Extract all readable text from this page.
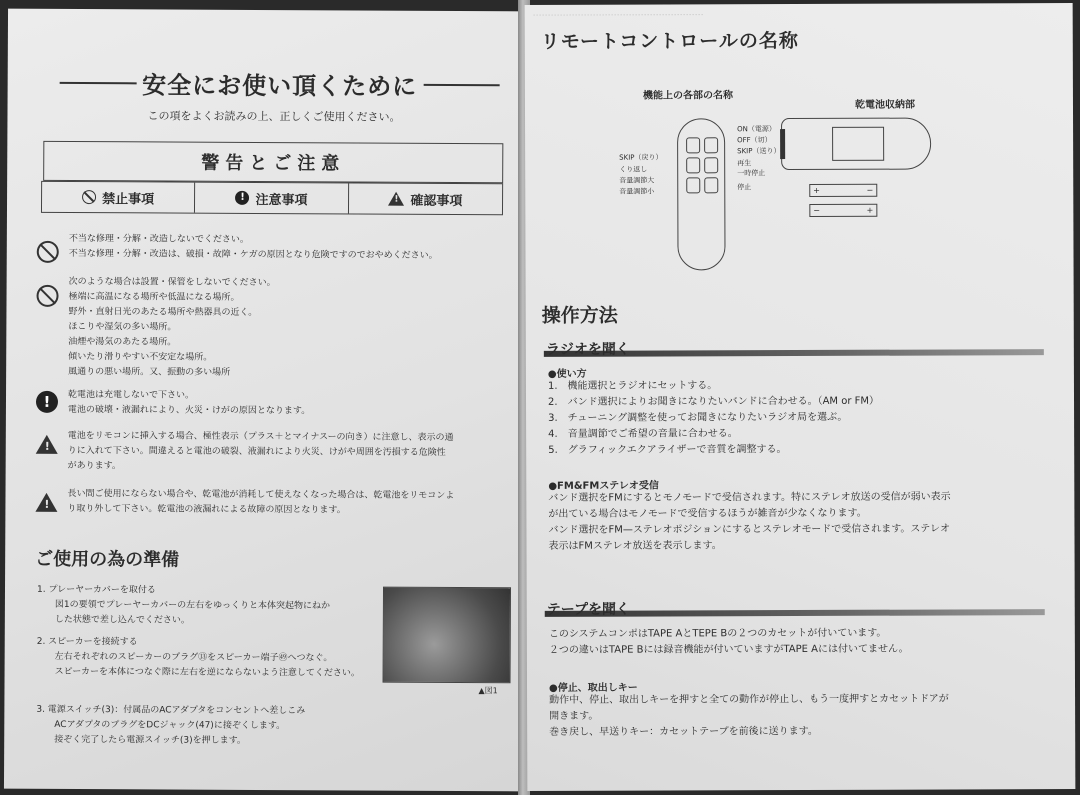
安全にお使い頂くために
この項をよくお読みの上、正しくご使用ください。
警告とご注意
禁止事項	! 注意事項
!	確認事項
不当な修理・分解・改造しないでください。
不当な修理・分解・改造は、破損・故障・ケガの原因となり危険ですのでおやめください。
次のような場合は設置・保管をしないでください。
極端に高温になる場所や低温になる場所。
野外・直射日光のあたる場所や熱器具の近く。
ほこりや湿気の多い場所。
油煙や湯気のあたる場所。
傾いたり滑りやすい不安定な場所。
風通りの悪い場所。又、振動の多い場所
!	乾電池は充電しないで下さい。
電池の破壊・液漏れにより、火災・けがの原因となります。
!
電池をリモコンに挿入する場合、極性表示（プラス＋とマイナスーの向き）に注意し、表示の通
りに入れて下さい。間違えると電池の破裂、液漏れにより火災、けがや周囲を汚損する危険性
があります。
!
長い間ご使用にならない場合や、乾電池が消耗して使えなくなった場合は、乾電池をリモコンよ
り取り外して下さい。乾電池の液漏れによる故障の原因となります。
ご使用の為の準備
1. プレーヤーカバーを取付る
図1の要領でプレーヤーカバーの左右をゆっくりと本体突起物にねか
した状態で差し込んでください。
2. スピーカーを接続する
左右それぞれのスピーカーのプラグ⑬をスピーカー端子㊾へつなぐ。
スピーカーを本体につなぐ際に左右を逆にならないよう注意してください。
3. 電源スイッチ(3)：付属品のACアダプタをコンセントへ差しこみ
ACアダプタのプラグをDCジャック(47)に接ぞくします。
接ぞく完了したら電源スイッチ(3)を押します。
▲図1
⋯⋯⋯⋯⋯⋯⋯⋯⋯⋯⋯⋯⋯⋯⋯⋯⋯⋯⋯
リモートコントロールの名称
機能上の各部の名称
乾電池収納部
ON（電源）
OFF（切）
SKIP（送り）
再生
一時停止
停止
SKIP（戻り）
くり返し
音量調節大
音量調節小	+	−
−	+
操作方法
ラジオを聞く
●使い方
機能選択とラジオにセットする。
バンド選択によりお聞きになりたいバンドに合わせる。（AM or FM）
チューニング調整を使ってお聞きになりたいラジオ局を選ぶ。
音量調節でご希望の音量に合わせる。
グラフィックエクアライザーで音質を調整する。
●FM&FMステレオ受信
バンド選択をFMにするとモノモードで受信されます。特にステレオ放送の受信が弱い表示
が出ている場合はモノモードで受信するほうが雑音が少なくなります。
バンド選択をFM—ステレオポジションにするとステレオモードで受信されます。ステレオ
表示はFMステレオ放送を表示します。
テープを聞く
このシステムコンポはTAPE AとTEPE Bの２つのカセットが付いています。
２つの違いはTAPE Bには録音機能が付いていますがTAPE Aには付いてません。
●停止、取出しキー
動作中、停止、取出しキーを押すと全ての動作が停止し、もう一度押すとカセットドアが
開きます。
巻き戻し、早送りキー：カセットテープを前後に送ります。
